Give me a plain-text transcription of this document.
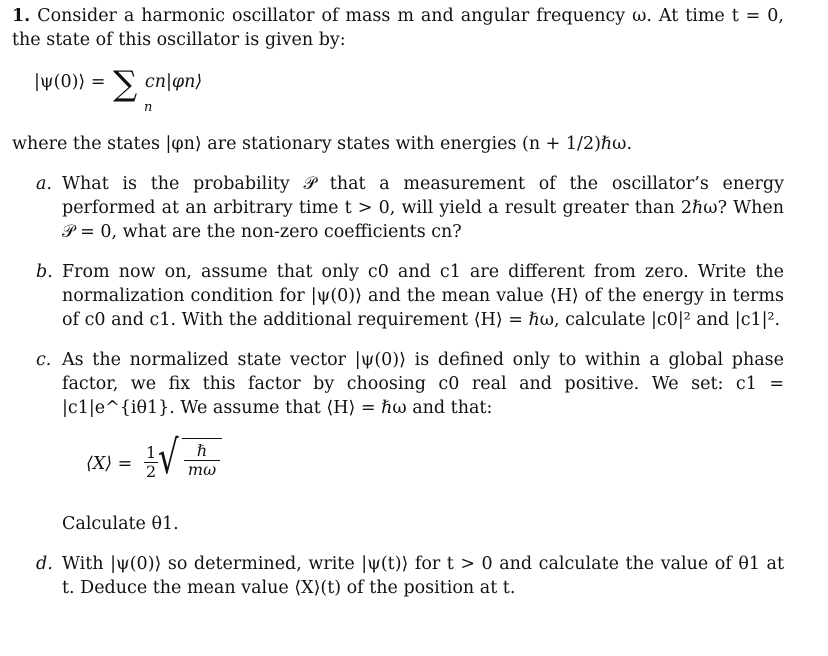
1. Consider a harmonic oscillator of mass m and angular frequency ω. At time t = 0, the state of this oscillator is given by:

|ψ(0)⟩ = ∑ cn|φn⟩
n

where the states |φn⟩ are stationary states with energies (n + 1/2)ℏω.

a. What is the probability 𝒫 that a measurement of the oscillator’s energy performed at an arbitrary time t > 0, will yield a result greater than 2ℏω? When 𝒫 = 0, what are the non-zero coefficients cn?
b. From now on, assume that only c0 and c1 are different from zero. Write the normalization condition for |ψ(0)⟩ and the mean value ⟨H⟩ of the energy in terms of c0 and c1. With the additional requirement ⟨H⟩ = ℏω, calculate |c0|² and |c1|².
c. As the normalized state vector |ψ(0)⟩ is defined only to within a global phase factor, we fix this factor by choosing c0 real and positive. We set: c1 = |c1|e^{iθ1}. We assume that ⟨H⟩ = ℏω and that:
⟨X⟩ = $\frac{1}{2}$ √	ℏ
mω
Calculate θ1.
d. With |ψ(0)⟩ so determined, write |ψ(t)⟩ for t > 0 and calculate the value of θ1 at t. Deduce the mean value ⟨X⟩(t) of the position at t.
